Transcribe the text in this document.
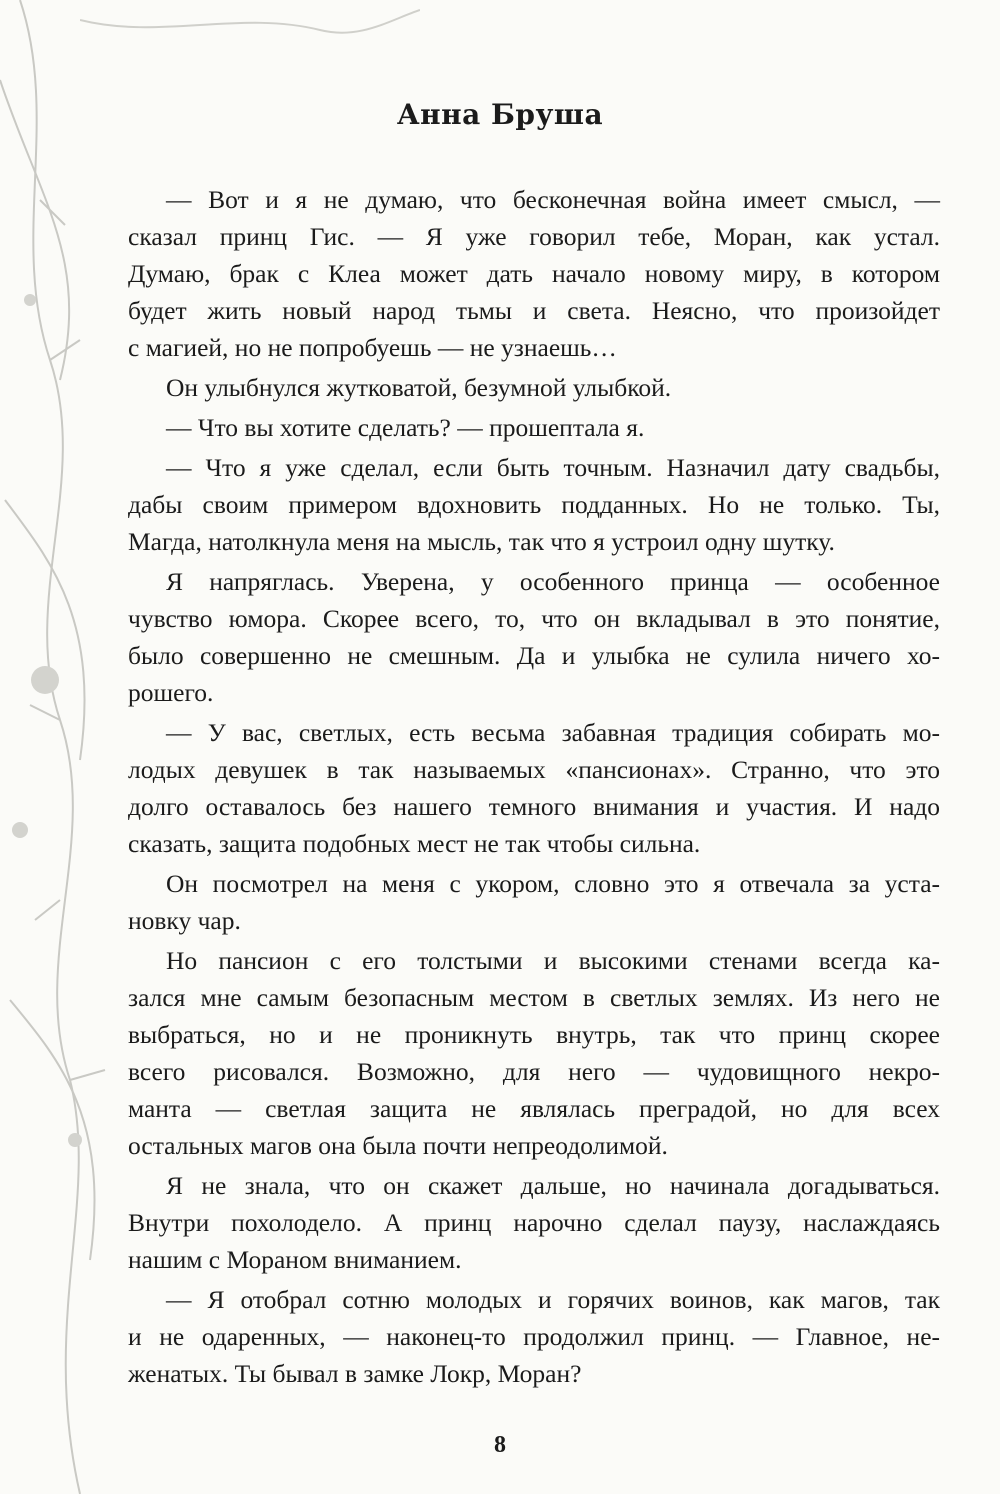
Анна Бруша
— Вот и я не думаю, что бесконечная война имеет смысл, —
сказал принц Гис. — Я уже говорил тебе, Моран, как устал.
Думаю, брак с Клеа может дать начало новому миру, в котором
будет жить новый народ тьмы и света. Неясно, что произойдет
с магией, но не попробуешь — не узнаешь…
Он улыбнулся жутковатой, безумной улыбкой.
— Что вы хотите сделать? — прошептала я.
— Что я уже сделал, если быть точным. Назначил дату свадьбы,
дабы своим примером вдохновить подданных. Но не только. Ты,
Магда, натолкнула меня на мысль, так что я устроил одну шутку.
Я напряглась. Уверена, у особенного принца — особенное
чувство юмора. Скорее всего, то, что он вкладывал в это понятие,
было совершенно не смешным. Да и улыбка не сулила ничего хо-
рошего.
— У вас, светлых, есть весьма забавная традиция собирать мо-
лодых девушек в так называемых «пансионах». Странно, что это
долго оставалось без нашего темного внимания и участия. И надо
сказать, защита подобных мест не так чтобы сильна.
Он посмотрел на меня с укором, словно это я отвечала за уста-
новку чар.
Но пансион с его толстыми и высокими стенами всегда ка-
зался мне самым безопасным местом в светлых землях. Из него не
выбраться, но и не проникнуть внутрь, так что принц скорее
всего рисовался. Возможно, для него — чудовищного некро-
манта — светлая защита не являлась преградой, но для всех
остальных магов она была почти непреодолимой.
Я не знала, что он скажет дальше, но начинала догадываться.
Внутри похолодело. А принц нарочно сделал паузу, наслаждаясь
нашим с Мораном вниманием.
— Я отобрал сотню молодых и горячих воинов, как магов, так
и не одаренных, — наконец-то продолжил принц. — Главное, не-
женатых. Ты бывал в замке Локр, Моран?
8
